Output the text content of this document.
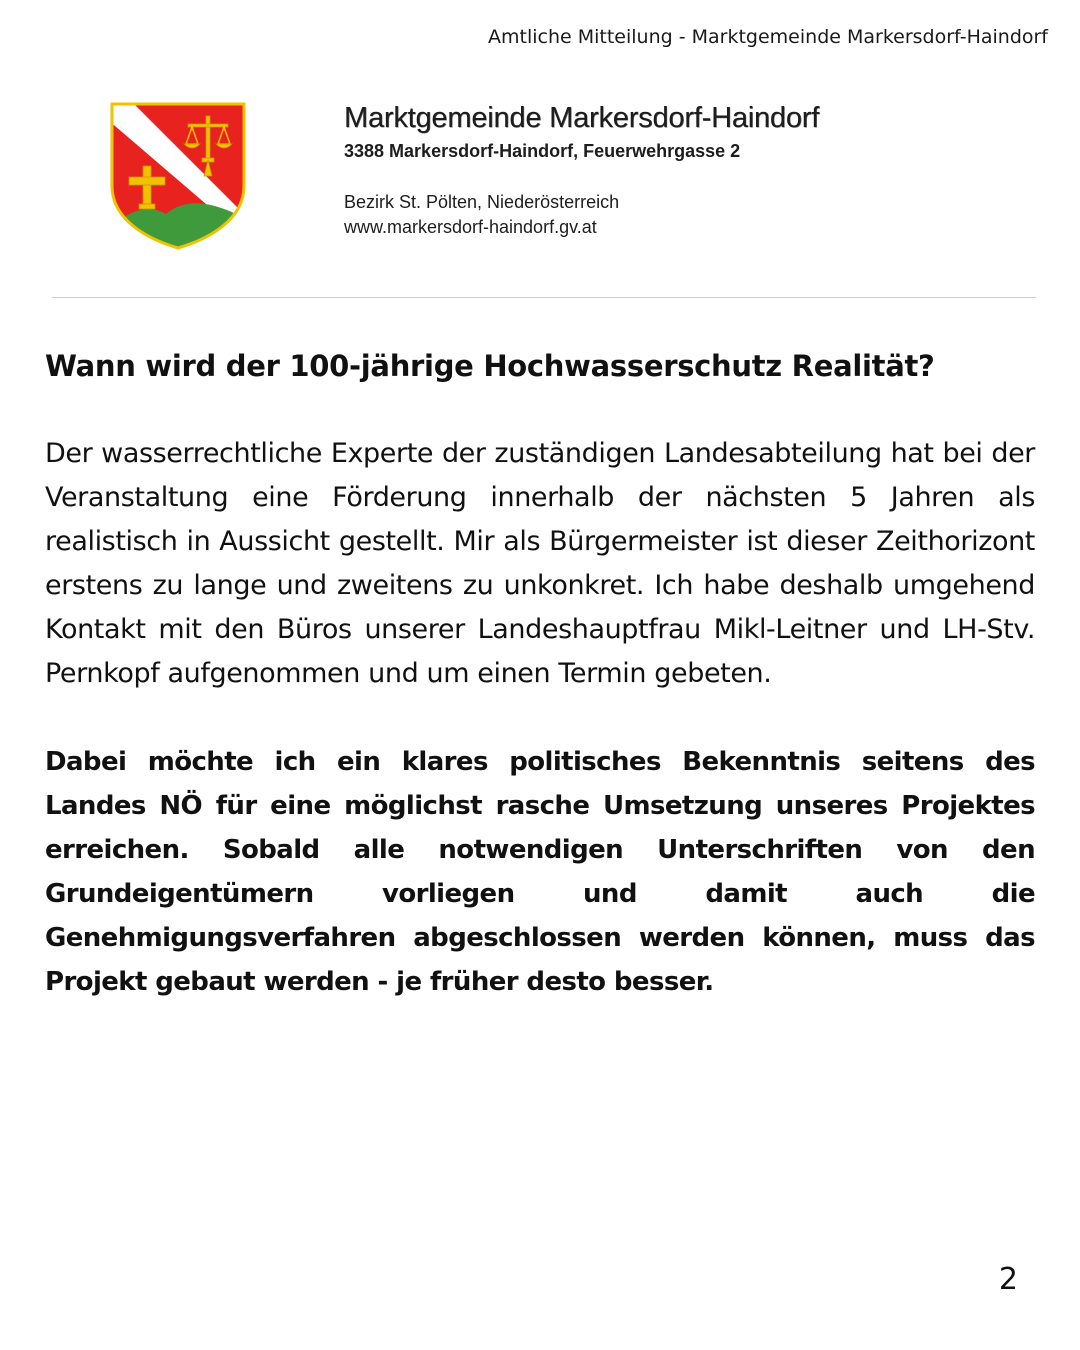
Amtliche Mitteilung - Marktgemeinde Markersdorf-Haindorf
Marktgemeinde Markersdorf-Haindorf
3388 Markersdorf-Haindorf, Feuerwehrgasse 2
Bezirk St. Pölten, Niederösterreich
www.markersdorf-haindorf.gv.at
Wann wird der 100-jährige Hochwasserschutz Realität?

Der wasserrechtliche Experte der zuständigen Landesabteilung hat bei der Veranstaltung eine Förderung innerhalb der nächsten 5 Jahren als realistisch in Aussicht gestellt. Mir als Bürgermeister ist dieser Zeithorizont erstens zu lange und zweitens zu unkonkret. Ich habe deshalb umgehend Kontakt mit den Büros unserer Landeshauptfrau Mikl-Leitner und LH-Stv. Pernkopf aufgenommen und um einen Termin gebeten.

Dabei möchte ich ein klares politisches Bekenntnis seitens des Landes NÖ für eine möglichst rasche Umsetzung unseres Projektes erreichen. Sobald alle notwendigen Unterschriften von den Grundeigentümern vorliegen und damit auch die Genehmigungsverfahren abgeschlossen werden können, muss das Projekt gebaut werden - je früher desto besser.

2
